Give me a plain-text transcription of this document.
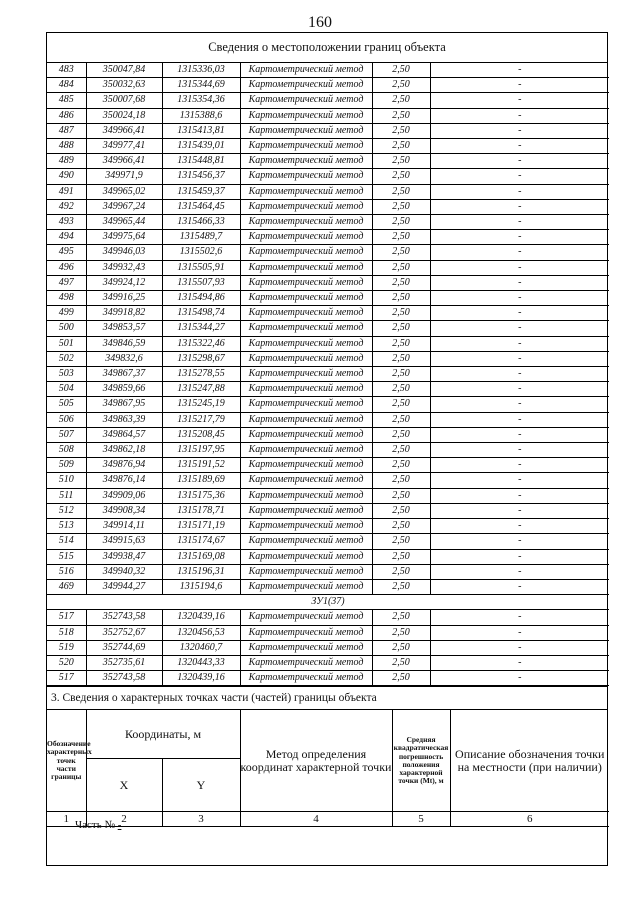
160
Сведения о местоположении границ объекта
483	350047,84	1315336,03	Картометрический метод	2,50	-
484	350032,63	1315344,69	Картометрический метод	2,50	-
485	350007,68	1315354,36	Картометрический метод	2,50	-
486	350024,18	1315388,6	Картометрический метод	2,50	-
487	349966,41	1315413,81	Картометрический метод	2,50	-
488	349977,41	1315439,01	Картометрический метод	2,50	-
489	349966,41	1315448,81	Картометрический метод	2,50	-
490	349971,9	1315456,37	Картометрический метод	2,50	-
491	349965,02	1315459,37	Картометрический метод	2,50	-
492	349967,24	1315464,45	Картометрический метод	2,50	-
493	349965,44	1315466,33	Картометрический метод	2,50	-
494	349975,64	1315489,7	Картометрический метод	2,50	-
495	349946,03	1315502,6	Картометрический метод	2,50	-
496	349932,43	1315505,91	Картометрический метод	2,50	-
497	349924,12	1315507,93	Картометрический метод	2,50	-
498	349916,25	1315494,86	Картометрический метод	2,50	-
499	349918,82	1315498,74	Картометрический метод	2,50	-
500	349853,57	1315344,27	Картометрический метод	2,50	-
501	349846,59	1315322,46	Картометрический метод	2,50	-
502	349832,6	1315298,67	Картометрический метод	2,50	-
503	349867,37	1315278,55	Картометрический метод	2,50	-
504	349859,66	1315247,88	Картометрический метод	2,50	-
505	349867,95	1315245,19	Картометрический метод	2,50	-
506	349863,39	1315217,79	Картометрический метод	2,50	-
507	349864,57	1315208,45	Картометрический метод	2,50	-
508	349862,18	1315197,95	Картометрический метод	2,50	-
509	349876,94	1315191,52	Картометрический метод	2,50	-
510	349876,14	1315189,69	Картометрический метод	2,50	-
511	349909,06	1315175,36	Картометрический метод	2,50	-
512	349908,34	1315178,71	Картометрический метод	2,50	-
513	349914,11	1315171,19	Картометрический метод	2,50	-
514	349915,63	1315174,67	Картометрический метод	2,50	-
515	349938,47	1315169,08	Картометрический метод	2,50	-
516	349940,32	1315196,31	Картометрический метод	2,50	-
469	349944,27	1315194,6	Картометрический метод	2,50	-
ЗУ1(37)					
517	352743,58	1320439,16	Картометрический метод	2,50	-
518	352752,67	1320456,53	Картометрический метод	2,50	-
519	352744,69	1320460,7	Картометрический метод	2,50	-
520	352735,61	1320443,33	Картометрический метод	2,50	-
517	352743,58	1320439,16	Картометрический метод	2,50	-
3. Сведения о характерных точках части (частей) границы объекта
Обозначение характерных точек части границы	Координаты, м		Метод определения координат характерной точки	Средняя квадратическая погрешность положения характерной точки (Mt), м	Описание обозначения точки на местности (при наличии)
	X	Y			
1	2	3	4	5	6
Часть № -
